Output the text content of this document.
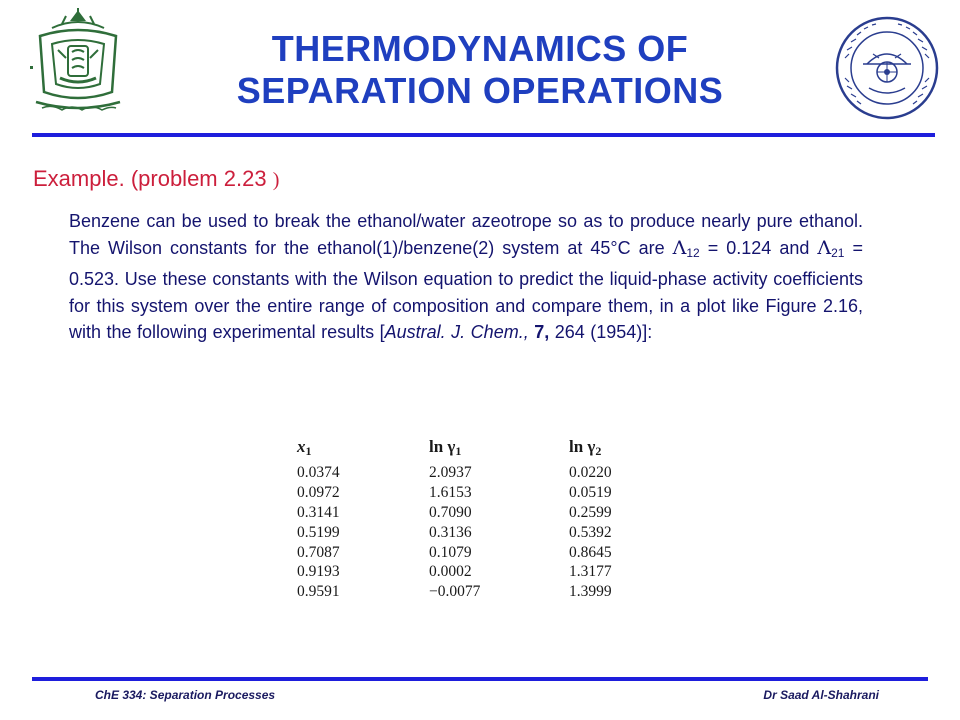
THERMODYNAMICS OF
SEPARATION OPERATIONS
Example. (problem 2.23 )
Benzene can be used to break the ethanol/water azeotrope so as to produce nearly pure ethanol. The Wilson constants for the ethanol(1)/benzene(2) system at 45°C are $\Lambda_{12} = 0.124$ and $\Lambda_{21} = 0.523$. Use these constants with the Wilson equation to predict the liquid-phase activity coefficients for this system over the entire range of composition and compare them, in a plot like Figure 2.16, with the following experimental results [Austral. J. Chem., 7, 264 (1954)]:
$x_1$	$\ln \gamma_1$	$\ln \gamma_2$
0.0374	2.0937	0.0220
0.0972	1.6153	0.0519
0.3141	0.7090	0.2599
0.5199	0.3136	0.5392
0.7087	0.1079	0.8645
0.9193	0.0002	1.3177
0.9591	−0.0077	1.3999
ChE 334: Separation Processes	Dr Saad Al-Shahrani
